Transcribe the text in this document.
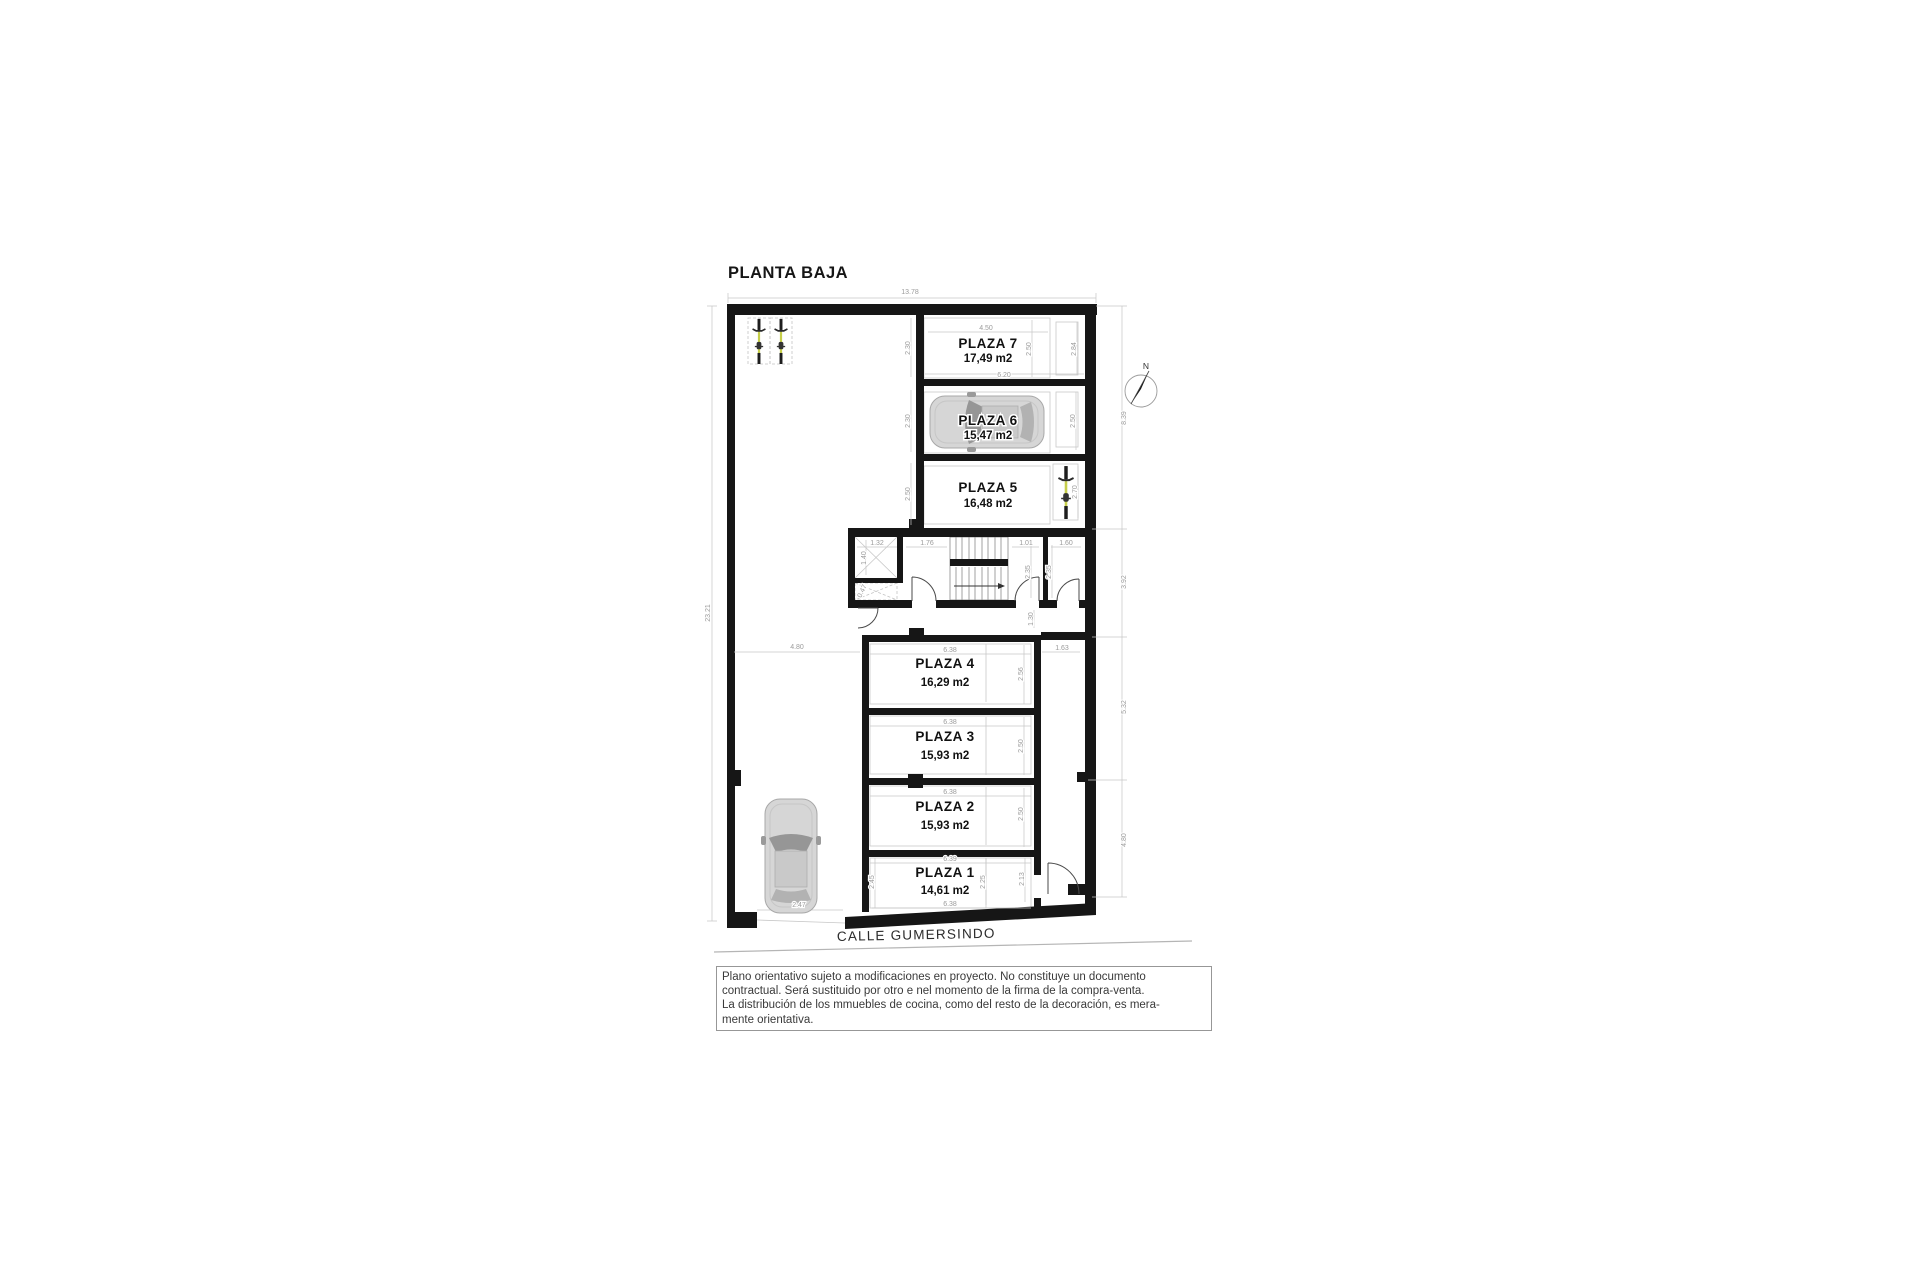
PLANTA BAJA
PLAZA 7
17,49 m2
PLAZA 6
15,47 m2
PLAZA 5
16,48 m2
PLAZA 4
16,29 m2
PLAZA 3
15,93 m2
PLAZA 2
15,93 m2
PLAZA 1
14,61 m2
13.78
23.21
8.39
3.92
5.32
4.80
2.30
4.50
6.20
2.50	2.84
2.30	2.50
2.50	2.70
1.32
1.40
1.76	1.01
2.35 2.35
1.60
0.47
1.30
4.80	1.63
6.38
2.56
6.38
2.50
6.38
2.50
6.39
2.45	2.25	2.13
6.38
2.47
N
CALLE GUMERSINDO
Plano orientativo sujeto a modificaciones en proyecto. No constituye un documento
contractual. Será sustituido por otro e nel momento de la firma de la compra-venta.
La distribución de los mmuebles de cocina, como del resto de la decoración, es mera-
mente orientativa.
